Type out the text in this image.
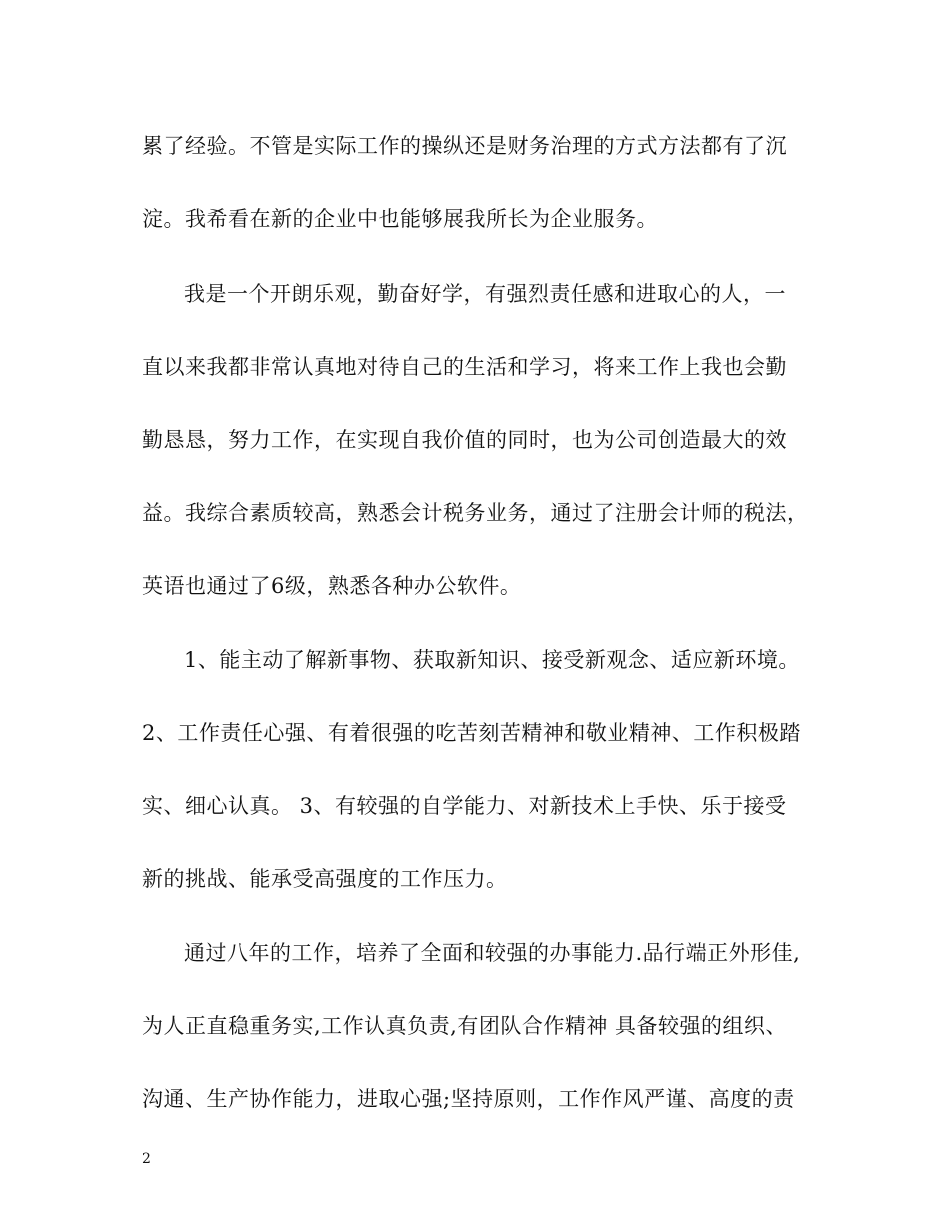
累了经验。不管是实际工作的操纵还是财务治理的方式方法都有了沉
淀。我希看在新的企业中也能够展我所长为企业服务。
我是一个开朗乐观，勤奋好学，有强烈责任感和进取心的人，一
直以来我都非常认真地对待自己的生活和学习，将来工作上我也会勤
勤恳恳，努力工作，在实现自我价值的同时，也为公司创造最大的效
益。我综合素质较高，熟悉会计税务业务，通过了注册会计师的税法，
英语也通过了6级，熟悉各种办公软件。
1、能主动了解新事物、获取新知识、接受新观念、适应新环境。
2、工作责任心强、有着很强的吃苦刻苦精神和敬业精神、工作积极踏
实、细心认真。 3、有较强的自学能力、对新技术上手快、乐于接受
新的挑战、能承受高强度的工作压力。
通过八年的工作，培养了全面和较强的办事能力.品行端正外形佳,
为人正直稳重务实,工作认真负责,有团队合作精神 具备较强的组织、
沟通、生产协作能力，进取心强;坚持原则，工作作风严谨、高度的责
2
